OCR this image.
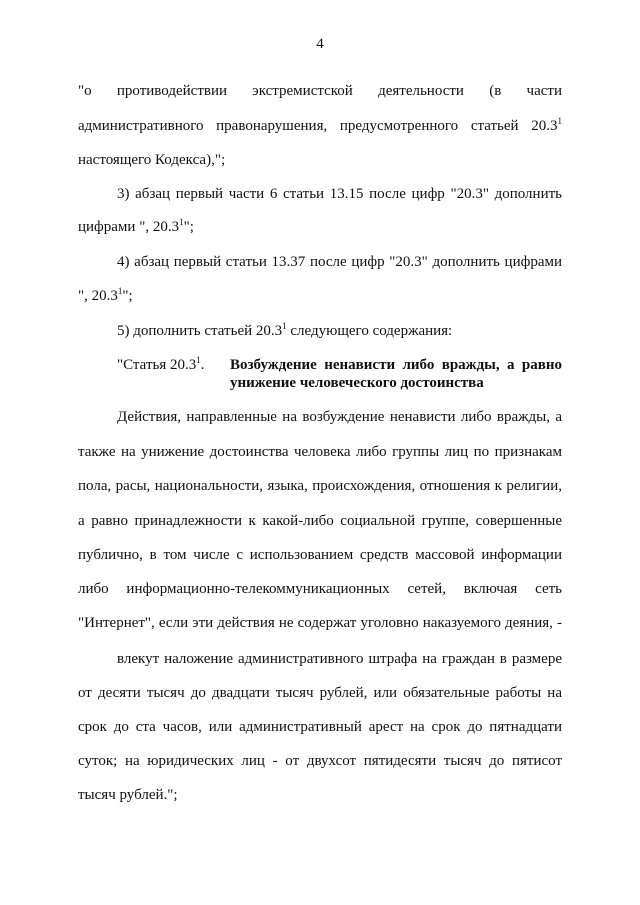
4
"о противодействии экстремистской деятельности (в части
административного правонарушения, предусмотренного статьей 20.3$^1$
настоящего Кодекса),";
3) абзац первый части 6 статьи 13.15 после цифр "20.3" дополнить
цифрами ", 20.3$^1$";
4) абзац первый статьи 13.37 после цифр "20.3" дополнить цифрами
", 20.3$^1$";
5) дополнить статьей 20.3$^1$ следующего содержания:
"Статья 20.3$^1$. Возбуждение ненависти либо вражды, а равно
унижение человеческого достоинства
Действия, направленные на возбуждение ненависти либо вражды, а
также на унижение достоинства человека либо группы лиц по признакам
пола, расы, национальности, языка, происхождения, отношения к религии,
а равно принадлежности к какой-либо социальной группе, совершенные
публично, в том числе с использованием средств массовой информации
либо информационно-телекоммуникационных сетей, включая сеть
"Интернет", если эти действия не содержат уголовно наказуемого деяния, -
влекут наложение административного штрафа на граждан в размере
от десяти тысяч до двадцати тысяч рублей, или обязательные работы на
срок до ста часов, или административный арест на срок до пятнадцати
суток; на юридических лиц - от двухсот пятидесяти тысяч до пятисот
тысяч рублей.";
